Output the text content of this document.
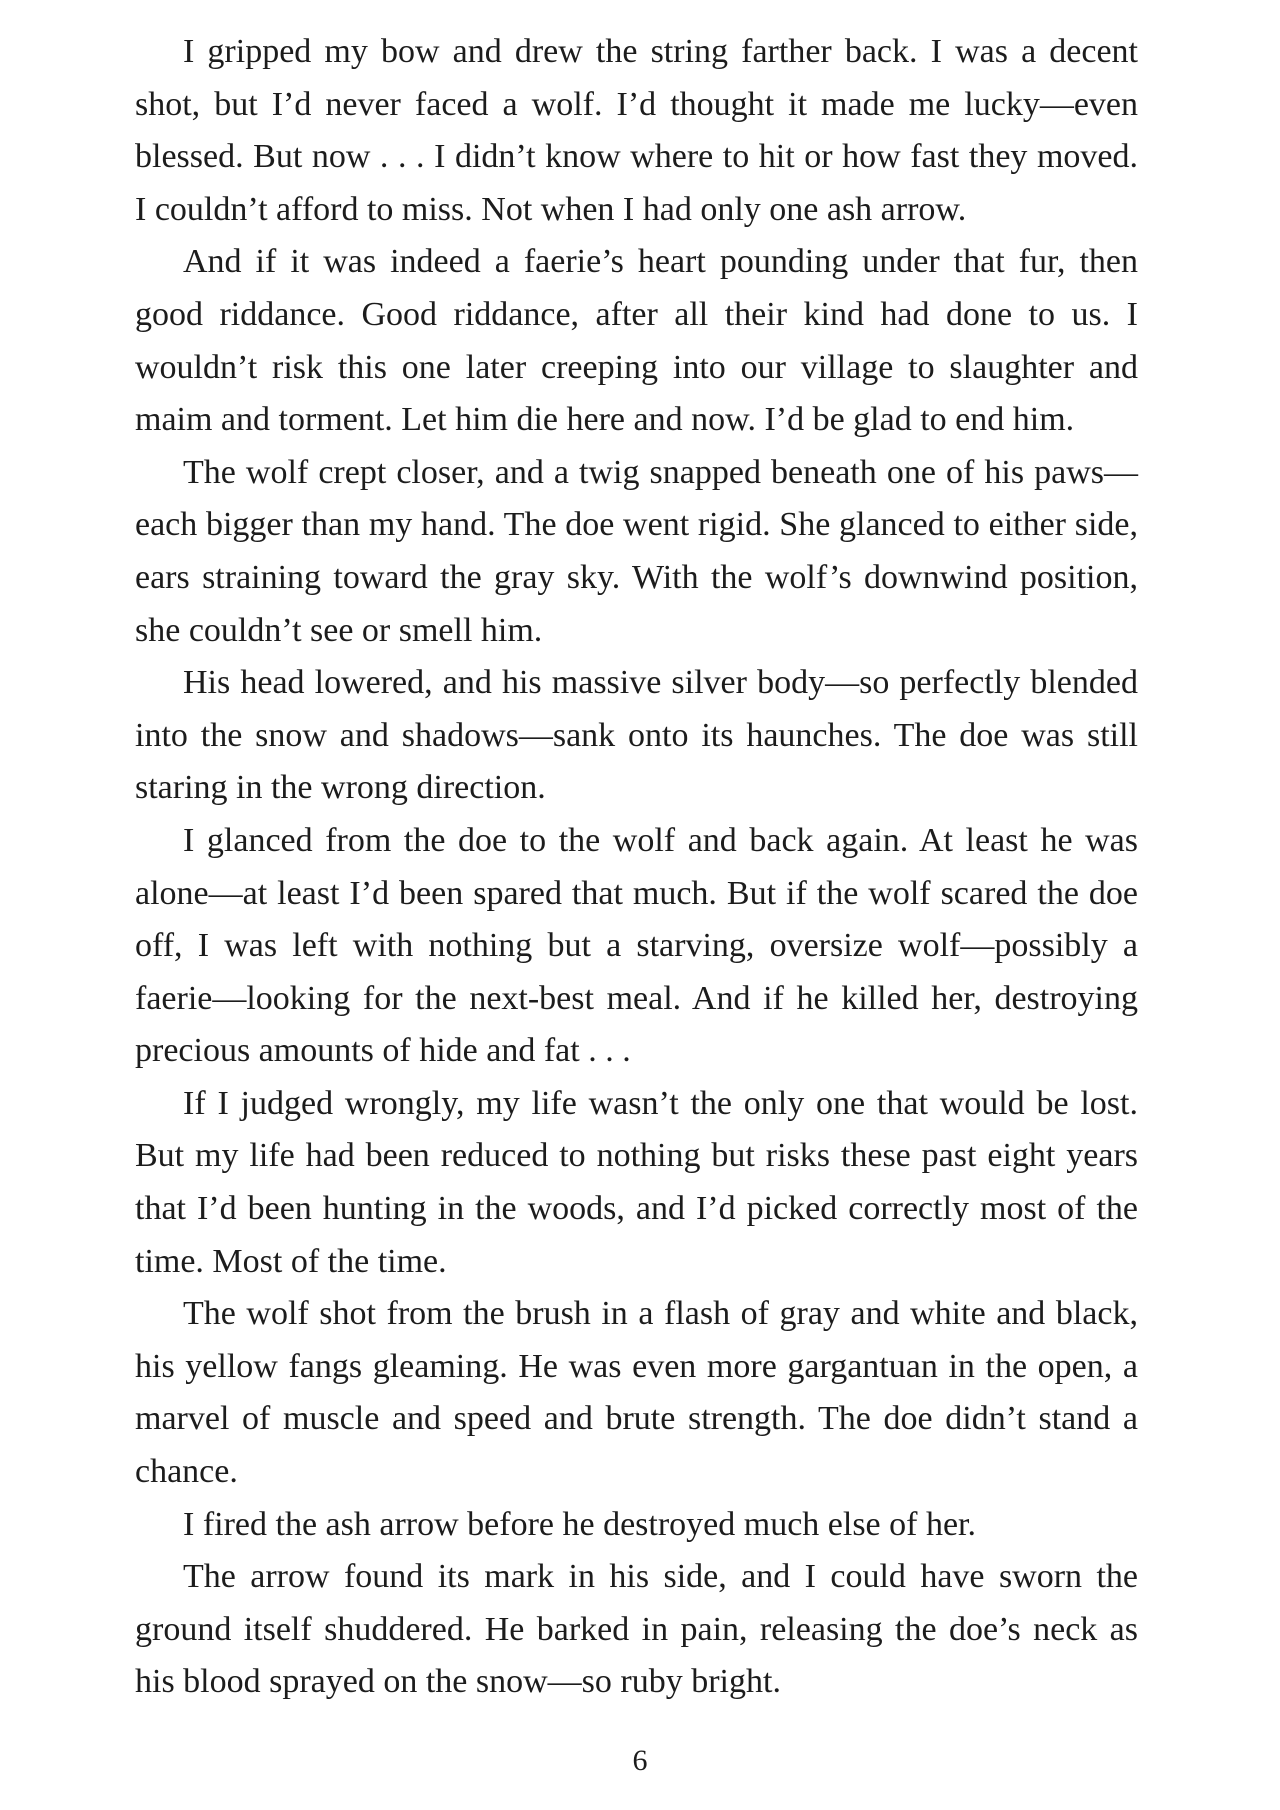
I gripped my bow and drew the string farther back. I was a decent shot, but I’d never faced a wolf. I’d thought it made me lucky—even blessed. But now . . . I didn’t know where to hit or how fast they moved. I couldn’t afford to miss. Not when I had only one ash arrow.

And if it was indeed a faerie’s heart pounding under that fur, then good riddance. Good riddance, after all their kind had done to us. I wouldn’t risk this one later creeping into our village to slaughter and maim and torment. Let him die here and now. I’d be glad to end him.

The wolf crept closer, and a twig snapped beneath one of his paws—each bigger than my hand. The doe went rigid. She glanced to either side, ears straining toward the gray sky. With the wolf’s downwind position, she couldn’t see or smell him.

His head lowered, and his massive silver body—so perfectly blended into the snow and shadows—sank onto its haunches. The doe was still staring in the wrong direction.

I glanced from the doe to the wolf and back again. At least he was alone—at least I’d been spared that much. But if the wolf scared the doe off, I was left with nothing but a starving, oversize wolf—possibly a faerie—looking for the next-best meal. And if he killed her, destroying precious amounts of hide and fat . . .

If I judged wrongly, my life wasn’t the only one that would be lost. But my life had been reduced to nothing but risks these past eight years that I’d been hunting in the woods, and I’d picked correctly most of the time. Most of the time.

The wolf shot from the brush in a flash of gray and white and black, his yellow fangs gleaming. He was even more gargantuan in the open, a marvel of muscle and speed and brute strength. The doe didn’t stand a chance.

I fired the ash arrow before he destroyed much else of her.

The arrow found its mark in his side, and I could have sworn the ground itself shuddered. He barked in pain, releasing the doe’s neck as his blood sprayed on the snow—so ruby bright.

6
